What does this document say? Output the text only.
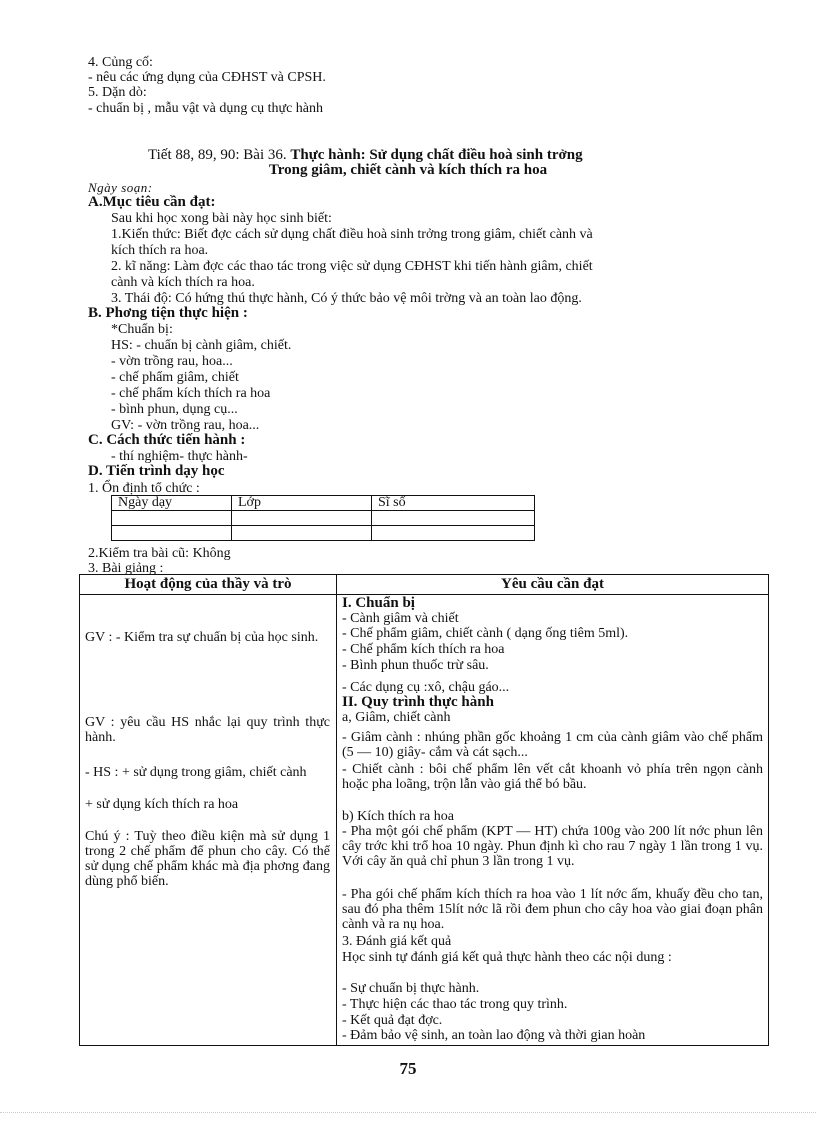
4. Củng cố:
- nêu các ứng dụng của CĐHST và CPSH.
5. Dặn dò:
- chuẩn bị , mẫu vật và dụng cụ thực hành
Tiết 88, 89, 90: Bài 36. Thực hành: Sử dụng chất điều hoà sinh trởng
Trong giâm, chiết cành và kích thích ra hoa
Ngày soạn:
A.Mục tiêu cần đạt:
Sau khi học xong bài này học sinh biết:
1.Kiến thức: Biết đợc cách sử dụng chất điều hoà sinh trởng trong giâm, chiết cành và
kích thích ra hoa.
2. kĩ năng: Làm đợc các thao tác trong việc sử dụng CĐHST khi tiến hành giâm, chiết
cành và kích thích ra hoa.
3. Thái độ: Có hứng thú thực hành, Có ý thức bảo vệ môi trờng và an toàn lao động.
B. Phơng tiện thực hiện :
*Chuẩn bị:
HS: - chuẩn bị cành giâm, chiết.
- vờn trồng rau, hoa...
- chế phẩm giâm, chiết
- chế phẩm kích thích ra hoa
- bình phun, dụng cụ...
GV: - vờn trồng rau, hoa...
C. Cách thức tiến hành :
- thí nghiệm- thực hành-
D. Tiến trình dạy học
1. Ổn định tổ chức :
Ngày dạy	Lớp	Sĩ số

2.Kiểm tra bài cũ: Không
3. Bài giảng :
Hoạt động của thầy và trò	Yêu cầu cần đạt
GV : - Kiểm tra sự chuẩn bị của học sinh.
GV : yêu cầu HS nhắc lại quy trình thực hành.
- HS : + sử dụng trong giâm, chiết cành
+ sử dụng kích thích ra hoa
Chú ý : Tuỳ theo điều kiện mà sử dụng 1 trong 2 chế phẩm để phun cho cây. Có thể sử dụng chế phẩm khác mà địa phơng đang dùng phổ biến.
I. Chuẩn bị
- Cành giâm và chiết
- Chế phẩm giâm, chiết cành ( dạng ống tiêm 5ml).
- Chế phẩm kích thích ra hoa
- Bình phun thuốc trừ sâu.
- Các dụng cụ :xô, chậu gáo...
II. Quy trình thực hành
a, Giâm, chiết cành
- Giâm cành : nhúng phần gốc khoảng 1 cm của cành giâm vào chế phẩm (5 — 10) giây- cắm và cát sạch...
- Chiết cành : bôi chế phẩm lên vết cắt khoanh vỏ phía trên ngọn cành hoặc pha loãng, trộn lẫn vào giá thể bó bầu.
b) Kích thích ra hoa
- Pha một gói chế phẩm (KPT — HT) chứa 100g vào 200 lít nớc phun lên cây trớc khi trổ hoa 10 ngày. Phun định kì cho rau 7 ngày 1 lần trong 1 vụ. Với cây ăn quả chỉ phun 3 lần trong 1 vụ.
- Pha gói chế phẩm kích thích ra hoa vào 1 lít nớc ấm, khuấy đều cho tan, sau đó pha thêm 15lít nớc lã rồi đem phun cho cây hoa vào giai đoạn phân cành và ra nụ hoa.
3. Đánh giá kết quả
Học sinh tự đánh giá kết quả thực hành theo các nội dung :
- Sự chuẩn bị thực hành.
- Thực hiện các thao tác trong quy trình.
- Kết quả đạt đợc.
- Đảm bảo vệ sinh, an toàn lao động và thời gian hoàn
75
